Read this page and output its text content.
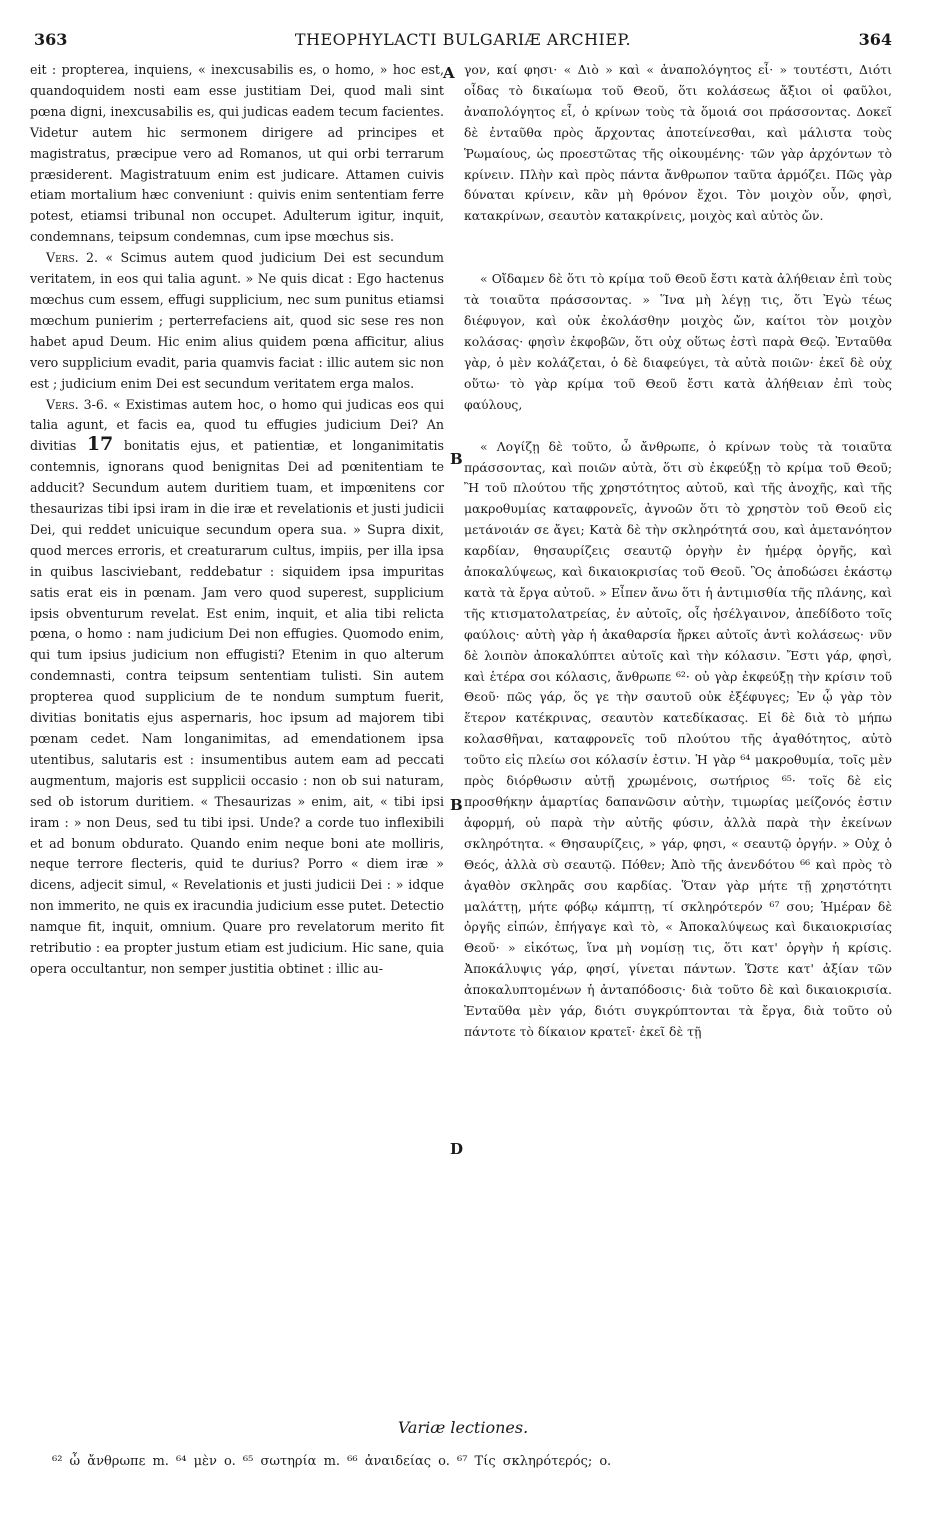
363	THEOPHYLACTI BULGARIÆ ARCHIEP.	364

eit : propterea, inquiens, « inexcusabilis es, o homo, » hoc est, quandoquidem nosti eam esse justitiam Dei, quod mali sint pœna digni, inexcusabilis es, qui judicas eadem tecum facientes. Videtur autem hic sermonem dirigere ad principes et magistratus, præcipue vero ad Romanos, ut qui orbi terrarum præsiderent. Magistratuum enim est judicare. Attamen cuivis etiam mortalium hæc conveniunt : quivis enim sententiam ferre potest, etiamsi tribunal non occupet. Adulterum igitur, inquit, condemnans, teipsum condemnas, cum ipse mœchus sis.

Vers. 2. « Scimus autem quod judicium Dei est secundum veritatem, in eos qui talia agunt. » Ne quis dicat : Ego hactenus mœchus cum essem, effugi supplicium, nec sum punitus etiamsi mœchum punierim ; perterrefaciens ait, quod sic sese res non habet apud Deum. Hic enim alius quidem pœna afficitur, alius vero supplicium evadit, paria quamvis faciat : illic autem sic non est ; judicium enim Dei est secundum veritatem erga malos.

Vers. 3-6. « Existimas autem hoc, o homo qui judicas eos qui talia agunt, et facis ea, quod tu effugies judicium Dei? An divitias 17 bonitatis ejus, et patientiæ, et longanimitatis contemnis, ignorans quod benignitas Dei ad pœnitentiam te adducit? Secundum autem duritiem tuam, et impœnitens cor thesaurizas tibi ipsi iram in die iræ et revelationis et justi judicii Dei, qui reddet unicuique secundum opera sua. » Supra dixit, quod merces erroris, et creaturarum cultus, impiis, per illa ipsa in quibus lasciviebant, reddebatur : siquidem ipsa impuritas satis erat eis in pœnam. Jam vero quod superest, supplicium ipsis obventurum revelat. Est enim, inquit, et alia tibi relicta pœna, o homo : nam judicium Dei non effugies. Quomodo enim, qui tum ipsius judicium non effugisti? Etenim in quo alterum condemnasti, contra teipsum sententiam tulisti. Sin autem propterea quod supplicium de te nondum sumptum fuerit, divitias bonitatis ejus aspernaris, hoc ipsum ad majorem tibi pœnam cedet. Nam longanimitas, ad emendationem ipsa utentibus, salutaris est : insumentibus autem eam ad peccati augmentum, majoris est supplicii occasio : non ob sui naturam, sed ob istorum duritiem. « Thesaurizas » enim, ait, « tibi ipsi iram : » non Deus, sed tu tibi ipsi. Unde? a corde tuo inflexibili et ad bonum obdurato. Quando enim neque boni ate molliris, neque terrore flecteris, quid te durius? Porro « diem iræ » dicens, adjecit simul, « Revelationis et justi judicii Dei : » idque non immerito, ne quis ex iracundia judicium esse putet. Detectio namque fit, inquit, omnium. Quare pro revelatorum merito fit retributio : ea propter justum etiam est judicium. Hic sane, quia opera occultantur, non semper justitia obtinet : illic au-

A
B
B
D

γον, καί φησι· « Διὸ » καὶ « ἀναπολόγητος εἶ· » τουτέστι, Διότι οἶδας τὸ δικαίωμα τοῦ Θεοῦ, ὅτι κολάσεως ἄξιοι οἱ φαῦλοι, ἀναπολόγητος εἶ, ὁ κρίνων τοὺς τὰ ὅμοιά σοι πράσσοντας. Δοκεῖ δὲ ἐνταῦθα πρὸς ἄρχοντας ἀποτείνεσθαι, καὶ μάλιστα τοὺς Ῥωμαίους, ὡς προεστῶτας τῆς οἰκουμένης· τῶν γὰρ ἀρχόντων τὸ κρίνειν. Πλὴν καὶ πρὸς πάντα ἄνθρωπον ταῦτα ἁρμόζει. Πῶς γὰρ δύναται κρίνειν, κἂν μὴ θρόνον ἔχοι. Τὸν μοιχὸν οὖν, φησὶ, κατακρίνων, σεαυτὸν κατακρίνεις, μοιχὸς καὶ αὐτὸς ὤν.

« Οἴδαμεν δὲ ὅτι τὸ κρίμα τοῦ Θεοῦ ἔστι κατὰ ἀλήθειαν ἐπὶ τοὺς τὰ τοιαῦτα πράσσοντας. » Ἵνα μὴ λέγῃ τις, ὅτι Ἐγὼ τέως διέφυγον, καὶ οὐκ ἐκολάσθην μοιχὸς ὤν, καίτοι τὸν μοιχὸν κολάσας· φησὶν ἐκφοβῶν, ὅτι οὐχ οὕτως ἐστὶ παρὰ Θεῷ. Ἐνταῦθα γὰρ, ὁ μὲν κολάζεται, ὁ δὲ διαφεύγει, τὰ αὐτὰ ποιῶν· ἐκεῖ δὲ οὐχ οὕτω· τὸ γὰρ κρίμα τοῦ Θεοῦ ἔστι κατὰ ἀλήθειαν ἐπὶ τοὺς φαύλους,

« Λογίζῃ δὲ τοῦτο, ὦ ἄνθρωπε, ὁ κρίνων τοὺς τὰ τοιαῦτα πράσσοντας, καὶ ποιῶν αὐτὰ, ὅτι σὺ ἐκφεύξῃ τὸ κρίμα τοῦ Θεοῦ; Ἢ τοῦ πλούτου τῆς χρηστότητος αὐτοῦ, καὶ τῆς ἀνοχῆς, καὶ τῆς μακροθυμίας καταφρονεῖς, ἀγνοῶν ὅτι τὸ χρηστὸν τοῦ Θεοῦ εἰς μετάνοιάν σε ἄγει; Κατὰ δὲ τὴν σκληρότητά σου, καὶ ἀμετανόητον καρδίαν, θησαυρίζεις σεαυτῷ ὀργὴν ἐν ἡμέρᾳ ὀργῆς, καὶ ἀποκαλύψεως, καὶ δικαιοκρισίας τοῦ Θεοῦ. Ὃς ἀποδώσει ἑκάστῳ κατὰ τὰ ἔργα αὐτοῦ. » Εἶπεν ἄνω ὅτι ἡ ἀντιμισθία τῆς πλάνης, καὶ τῆς κτισματολατρείας, ἐν αὐτοῖς, οἷς ἠσέλγαινον, ἀπεδίδοτο τοῖς φαύλοις· αὐτὴ γὰρ ἡ ἀκαθαρσία ἤρκει αὐτοῖς ἀντὶ κολάσεως· νῦν δὲ λοιπὸν ἀποκαλύπτει αὐτοῖς καὶ τὴν κόλασιν. Ἔστι γάρ, φησὶ, καὶ ἑτέρα σοι κόλασις, ἄνθρωπε ⁶²· οὐ γὰρ ἐκφεύξῃ τὴν κρίσιν τοῦ Θεοῦ· πῶς γάρ, ὅς γε τὴν σαυτοῦ οὐκ ἐξέφυγες; Ἐν ᾧ γὰρ τὸν ἕτερον κατέκρινας, σεαυτὸν κατεδίκασας. Εἰ δὲ διὰ τὸ μήπω κολασθῆναι, καταφρονεῖς τοῦ πλούτου τῆς ἀγαθότητος, αὐτὸ τοῦτο εἰς πλείω σοι κόλασίν ἐστιν. Ἡ γὰρ ⁶⁴ μακροθυμία, τοῖς μὲν πρὸς διόρθωσιν αὐτῇ χρωμένοις, σωτήριος ⁶⁵· τοῖς δὲ εἰς προσθήκην ἁμαρτίας δαπανῶσιν αὐτὴν, τιμωρίας μείζονός ἐστιν ἀφορμή, οὐ παρὰ τὴν αὐτῆς φύσιν, ἀλλὰ παρὰ τὴν ἐκείνων σκληρότητα. « Θησαυρίζεις, » γάρ, φησι, « σεαυτῷ ὀργήν. » Οὐχ ὁ Θεός, ἀλλὰ σὺ σεαυτῷ. Πόθεν; Ἀπὸ τῆς ἀνενδότου ⁶⁶ καὶ πρὸς τὸ ἀγαθὸν σκληρᾶς σου καρδίας. Ὅταν γὰρ μήτε τῇ χρηστότητι μαλάττῃ, μήτε φόβῳ κάμπτῃ, τί σκληρότερόν ⁶⁷ σου; Ἡμέραν δὲ ὀργῆς εἰπών, ἐπήγαγε καὶ τὸ, « Ἀποκαλύψεως καὶ δικαιοκρισίας Θεοῦ· » εἰκότως, ἵνα μὴ νομίσῃ τις, ὅτι κατ' ὀργὴν ἡ κρίσις. Ἀποκάλυψις γάρ, φησί, γίνεται πάντων. Ὥστε κατ' ἀξίαν τῶν ἀποκαλυπτομένων ἡ ἀνταπόδοσις· διὰ τοῦτο δὲ καὶ δικαιοκρισία. Ἐνταῦθα μὲν γάρ, διότι συγκρύπτονται τὰ ἔργα, διὰ τοῦτο οὐ πάντοτε τὸ δίκαιον κρατεῖ· ἐκεῖ δὲ τῇ

Variæ lectiones.
⁶² ὦ ἄνθρωπε m. ⁶⁴ μὲν o. ⁶⁵ σωτηρία m. ⁶⁶ ἀναιδείας o. ⁶⁷ Τίς σκληρότερός; o.
